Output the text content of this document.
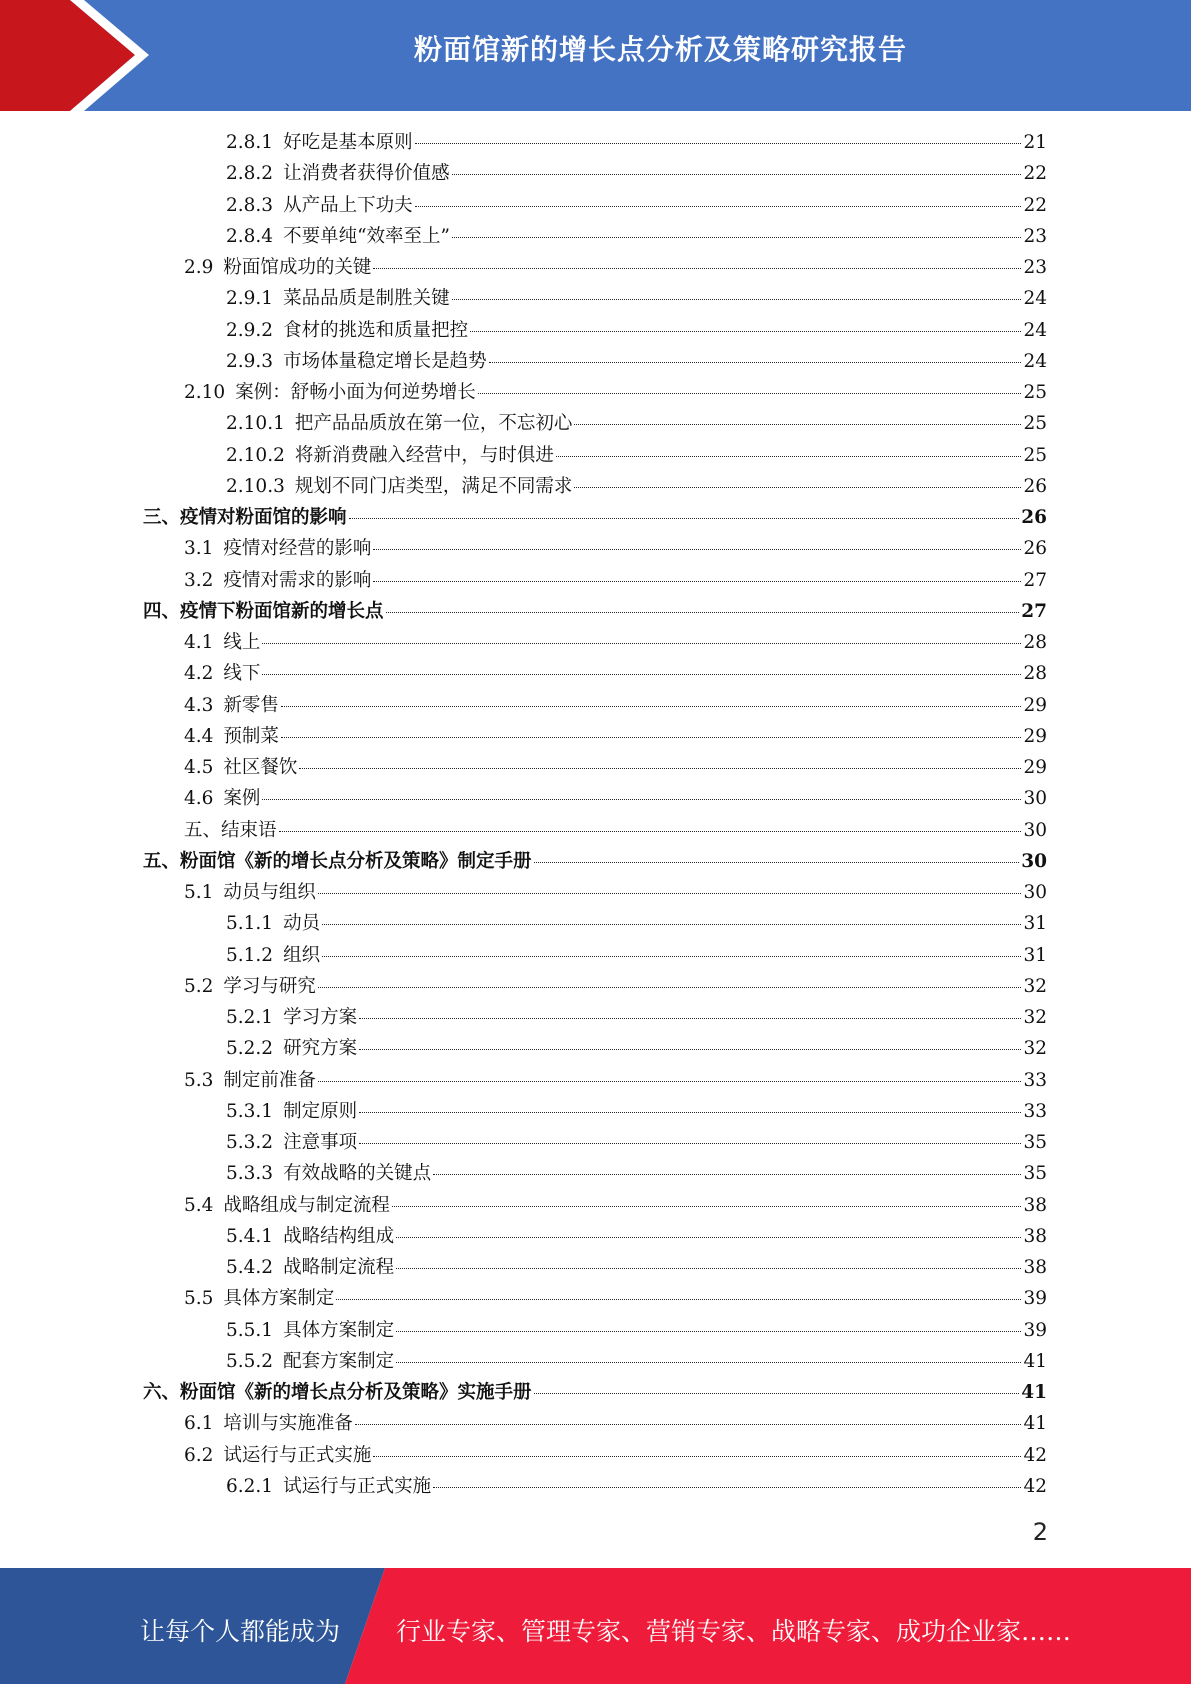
粉面馆新的增长点分析及策略研究报告
2.8.1 好吃是基本原则	21
2.8.2 让消费者获得价值感	22
2.8.3 从产品上下功夫	22
2.8.4 不要单纯“效率至上”	23
2.9 粉面馆成功的关键	23
2.9.1 菜品品质是制胜关键	24
2.9.2 食材的挑选和质量把控	24
2.9.3 市场体量稳定增长是趋势	24
2.10 案例：舒畅小面为何逆势增长	25
2.10.1 把产品品质放在第一位，不忘初心	25
2.10.2 将新消费融入经营中，与时俱进	25
2.10.3 规划不同门店类型，满足不同需求	26
三、疫情对粉面馆的影响	26
3.1 疫情对经营的影响	26
3.2 疫情对需求的影响	27
四、疫情下粉面馆新的增长点	27
4.1 线上	28
4.2 线下	28
4.3 新零售	29
4.4 预制菜	29
4.5 社区餐饮	29
4.6 案例	30
五、结束语	30
五、粉面馆《新的增长点分析及策略》制定手册	30
5.1 动员与组织	30
5.1.1 动员	31
5.1.2 组织	31
5.2 学习与研究	32
5.2.1 学习方案	32
5.2.2 研究方案	32
5.3 制定前准备	33
5.3.1 制定原则	33
5.3.2 注意事项	35
5.3.3 有效战略的关键点	35
5.4 战略组成与制定流程	38
5.4.1 战略结构组成	38
5.4.2 战略制定流程	38
5.5 具体方案制定	39
5.5.1 具体方案制定	39
5.5.2 配套方案制定	41
六、粉面馆《新的增长点分析及策略》实施手册	41
6.1 培训与实施准备	41
6.2 试运行与正式实施	42
6.2.1 试运行与正式实施	42
2
让每个人都能成为 行业专家、管理专家、营销专家、战略专家、成功企业家……
